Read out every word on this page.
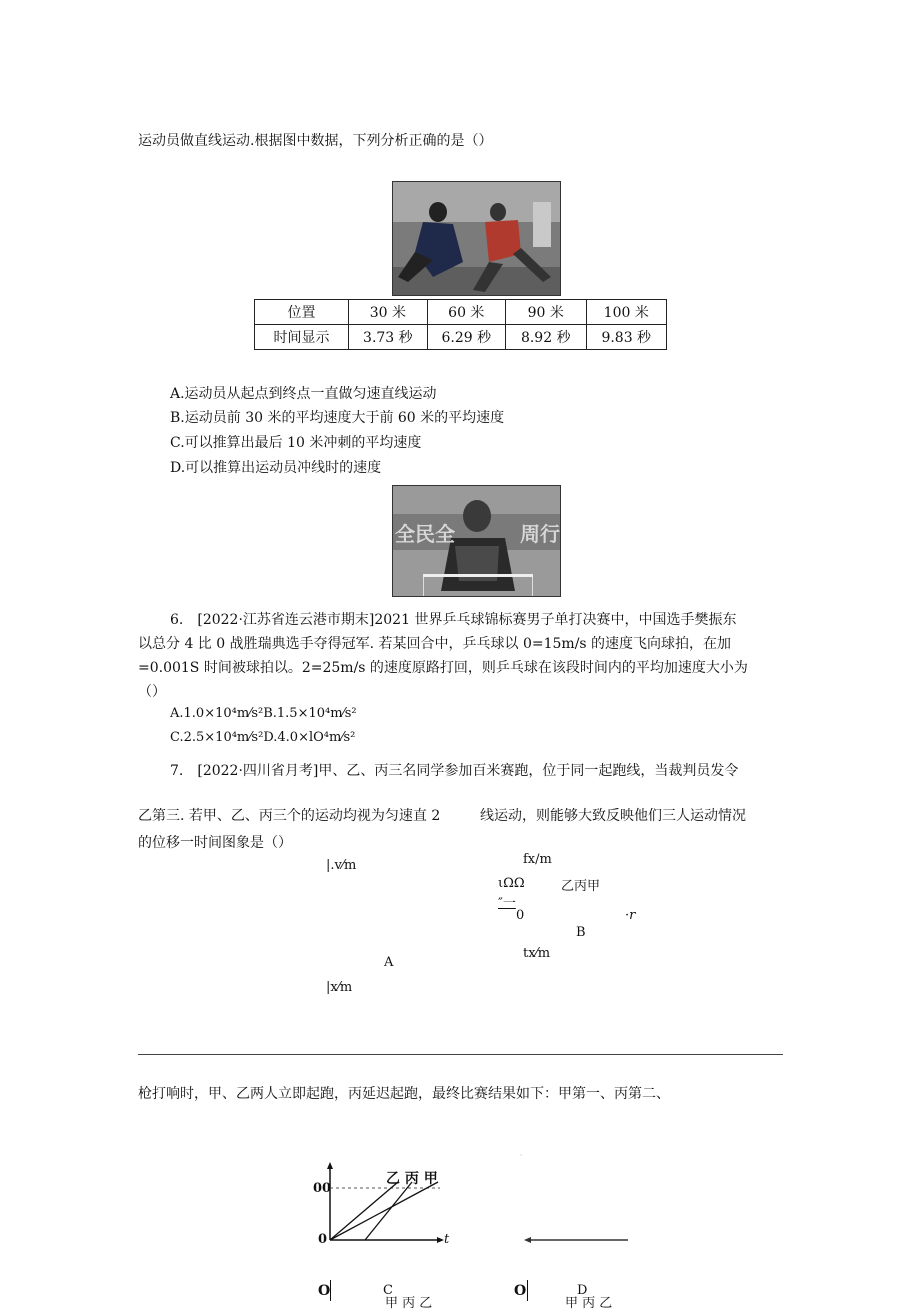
运动员做直线运动.根据图中数据，下列分析正确的是（）
位置	30 米	60 米	90 米	100 米
时间显示	3.73 秒	6.29 秒	8.92 秒	9.83 秒
A.运动员从起点到终点一直做匀速直线运动
B.运动员前 30 米的平均速度大于前 60 米的平均速度
C.可以推算出最后 10 米冲刺的平均速度
D.可以推算出运动员冲线时的速度
全民全	周行
6.　[2022·江苏省连云港市期末]2021 世界乒乓球锦标赛男子单打决赛中，中国选手樊振东
以总分 4 比 0 战胜瑞典选手夺得冠军. 若某回合中，乒乓球以 0=15m/s 的速度飞向球拍，在加
=0.001S 时间被球拍以。2=25m/s 的速度原路打回，则乒乓球在该段时间内的平均加速度大小为
（）
A.1.0×10⁴m⁄s²B.1.5×10⁴m⁄s²
C.2.5×10⁴m⁄s²D.4.0×lO⁴m⁄s²
7.　[2022·四川省月考]甲、乙、丙三名同学参加百米赛跑，位于同一起跑线，当裁判员发令
乙第三. 若甲、乙、丙三个的运动均视为匀速直 2	线运动，则能够大致反映他们三人运动情况
的位移一时间图象是（）
|.v⁄m
A
|x⁄m
fx/m
ιΩΩ	乙丙甲
″一
0	·r
B
tx⁄m
枪打响时，甲、乙两人立即起跑，丙延迟起跑，最终比赛结果如下：甲第一、丙第二、
00
0	t
乙 丙 甲
O	C
甲 丙 乙
O	D
甲 丙 乙
